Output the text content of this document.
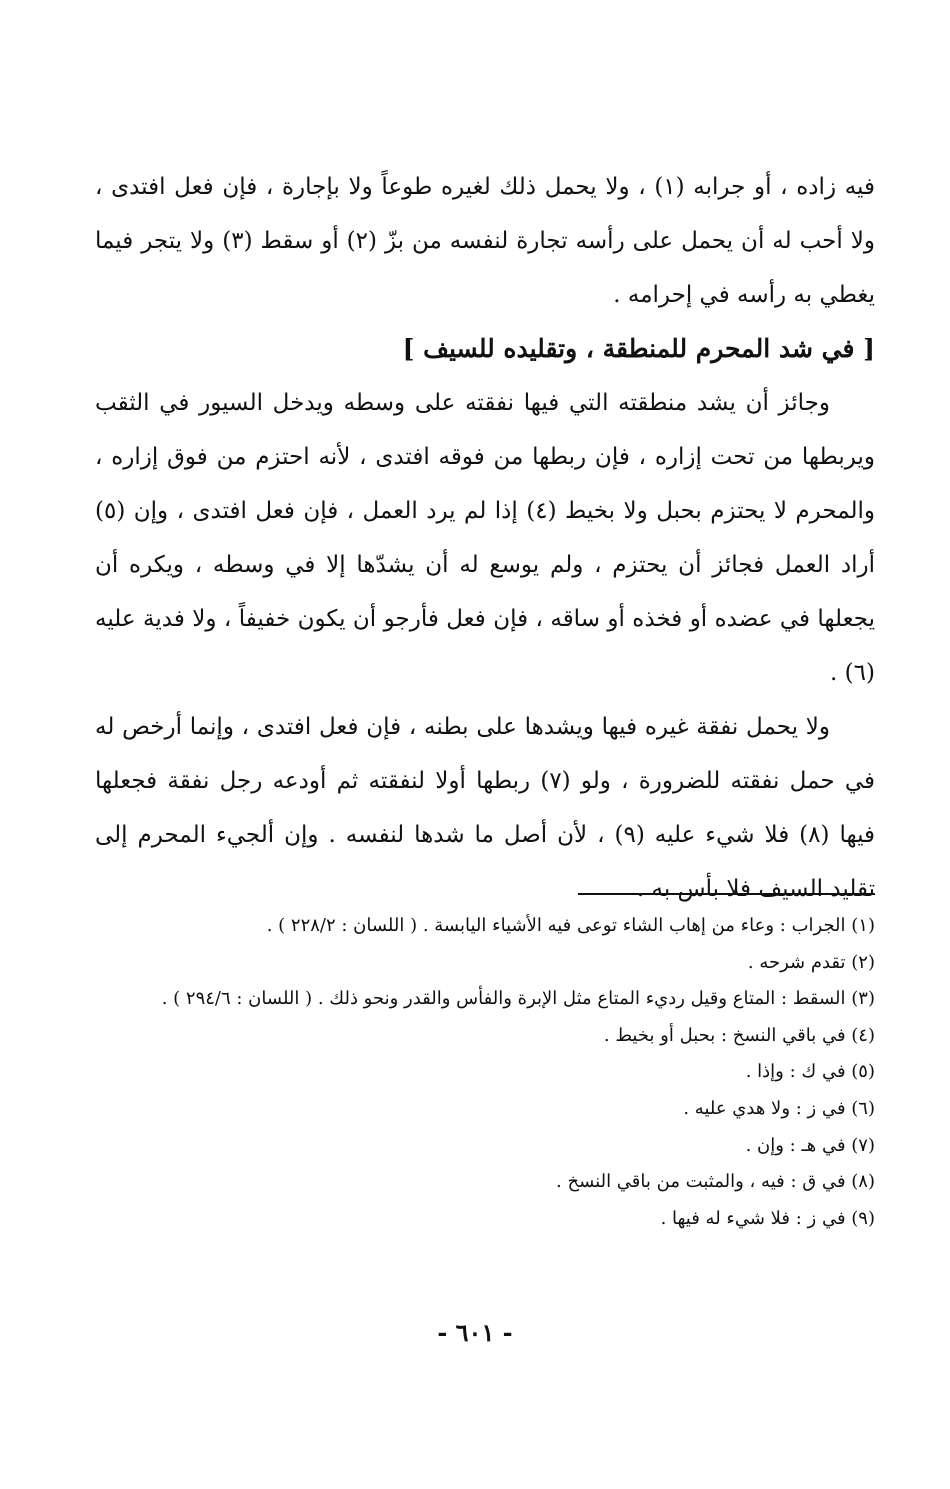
فيه زاده ، أو جرابه (١) ، ولا يحمل ذلك لغيره طوعاً ولا بإجارة ، فإن فعل افتدى ، ولا أحب له أن يحمل على رأسه تجارة لنفسه من بزّ (٢) أو سقط (٣) ولا يتجر فيما يغطي به رأسه في إحرامه .

[ في شد المحرم للمنطقة ، وتقليده للسيف ]

وجائز أن يشد منطقته التي فيها نفقته على وسطه ويدخل السيور في الثقب ويربطها من تحت إزاره ، فإن ربطها من فوقه افتدى ، لأنه احتزم من فوق إزاره ، والمحرم لا يحتزم بحبل ولا بخيط (٤) إذا لم يرد العمل ، فإن فعل افتدى ، وإن (٥) أراد العمل فجائز أن يحتزم ، ولم يوسع له أن يشدّها إلا في وسطه ، ويكره أن يجعلها في عضده أو فخذه أو ساقه ، فإن فعل فأرجو أن يكون خفيفاً ، ولا فدية عليه (٦) .

ولا يحمل نفقة غيره فيها ويشدها على بطنه ، فإن فعل افتدى ، وإنما أرخص له في حمل نفقته للضرورة ، ولو (٧) ربطها أولا لنفقته ثم أودعه رجل نفقة فجعلها فيها (٨) فلا شيء عليه (٩) ، لأن أصل ما شدها لنفسه . وإن ألجيء المحرم إلى تقليد السيف فلا بأس به .

(١) الجراب : وعاء من إهاب الشاء توعى فيه الأشياء اليابسة . ( اللسان : ٢٢٨/٢ ) .

(٢) تقدم شرحه .

(٣) السقط : المتاع وقيل رديء المتاع مثل الإبرة والفأس والقدر ونحو ذلك . ( اللسان : ٢٩٤/٦ ) .

(٤) في باقي النسخ : بحبل أو بخيط .

(٥) في ك : وإذا .

(٦) في ز : ولا هدي عليه .

(٧) في هـ : وإن .

(٨) في ق : فيه ، والمثبت من باقي النسخ .

(٩) في ز : فلا شيء له فيها .

- ٦٠١ -
